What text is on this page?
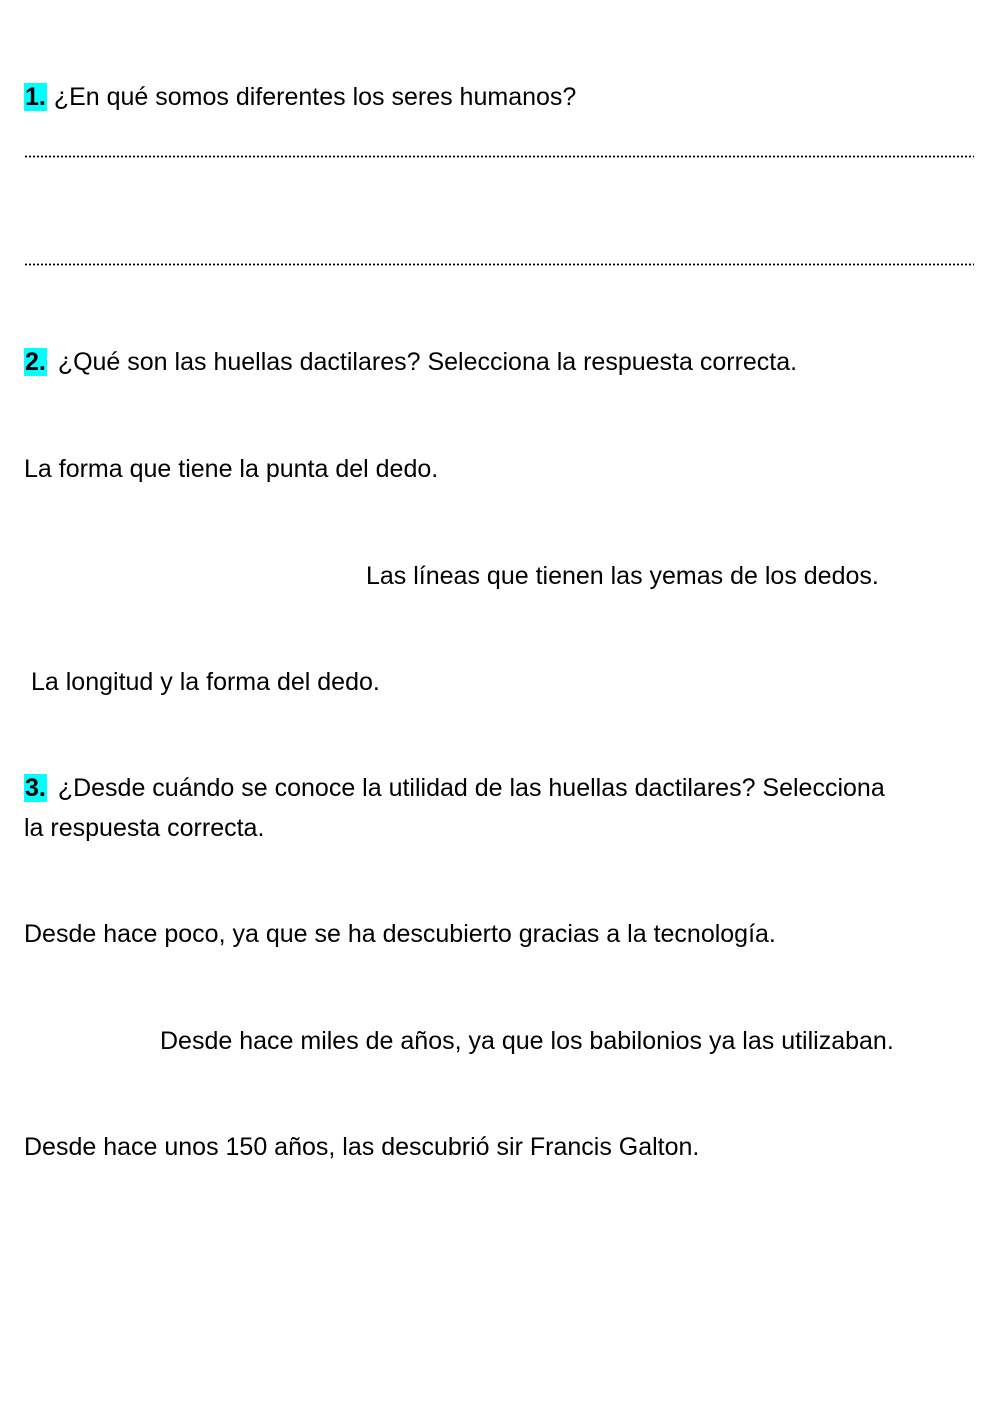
1. ¿En qué somos diferentes los seres humanos?
2. ¿Qué son las huellas dactilares? Selecciona la respuesta correcta.
La forma que tiene la punta del dedo.
Las líneas que tienen las yemas de los dedos.
La longitud y la forma del dedo.
3. ¿Desde cuándo se conoce la utilidad de las huellas dactilares? Selecciona
la respuesta correcta.
Desde hace poco, ya que se ha descubierto gracias a la tecnología.
Desde hace miles de años, ya que los babilonios ya las utilizaban.
Desde hace unos 150 años, las descubrió sir Francis Galton.
